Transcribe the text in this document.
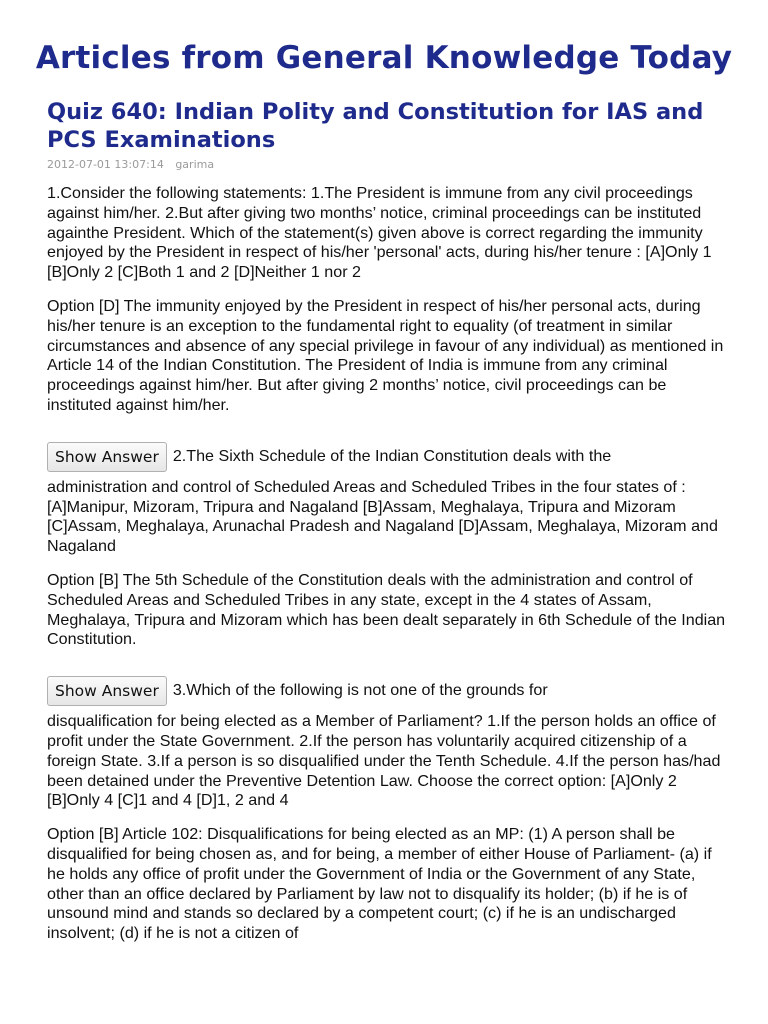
Articles from General Knowledge Today
Quiz 640: Indian Polity and Constitution for IAS and PCS Examinations
2012-07-01 13:07:14 garima

1.Consider the following statements: 1.The President is immune from any civil proceedings against him/her. 2.But after giving two months’ notice, criminal proceedings can be instituted againthe President. Which of the statement(s) given above is correct regarding the immunity enjoyed by the President in respect of his/her 'personal' acts, during his/her tenure : [A]Only 1 [B]Only 2 [C]Both 1 and 2 [D]Neither 1 nor 2

Option [D] The immunity enjoyed by the President in respect of his/her personal acts, during his/her tenure is an exception to the fundamental right to equality (of treatment in similar circumstances and absence of any special privilege in favour of any individual) as mentioned in Article 14 of the Indian Constitution. The President of India is immune from any criminal proceedings against him/her. But after giving 2 months’ notice, civil proceedings can be instituted against him/her.

Show Answer 2.The Sixth Schedule of the Indian Constitution deals with the

administration and control of Scheduled Areas and Scheduled Tribes in the four states of : [A]Manipur, Mizoram, Tripura and Nagaland [B]Assam, Meghalaya, Tripura and Mizoram [C]Assam, Meghalaya, Arunachal Pradesh and Nagaland [D]Assam, Meghalaya, Mizoram and Nagaland

Option [B] The 5th Schedule of the Constitution deals with the administration and control of Scheduled Areas and Scheduled Tribes in any state, except in the 4 states of Assam, Meghalaya, Tripura and Mizoram which has been dealt separately in 6th Schedule of the Indian Constitution.

Show Answer 3.Which of the following is not one of the grounds for

disqualification for being elected as a Member of Parliament? 1.If the person holds an office of profit under the State Government. 2.If the person has voluntarily acquired citizenship of a foreign State. 3.If a person is so disqualified under the Tenth Schedule. 4.If the person has/had been detained under the Preventive Detention Law. Choose the correct option: [A]Only 2 [B]Only 4 [C]1 and 4 [D]1, 2 and 4

Option [B] Article 102: Disqualifications for being elected as an MP: (1) A person shall be disqualified for being chosen as, and for being, a member of either House of Parliament- (a) if he holds any office of profit under the Government of India or the Government of any State, other than an office declared by Parliament by law not to disqualify its holder; (b) if he is of unsound mind and stands so declared by a competent court; (c) if he is an undischarged insolvent; (d) if he is not a citizen of
